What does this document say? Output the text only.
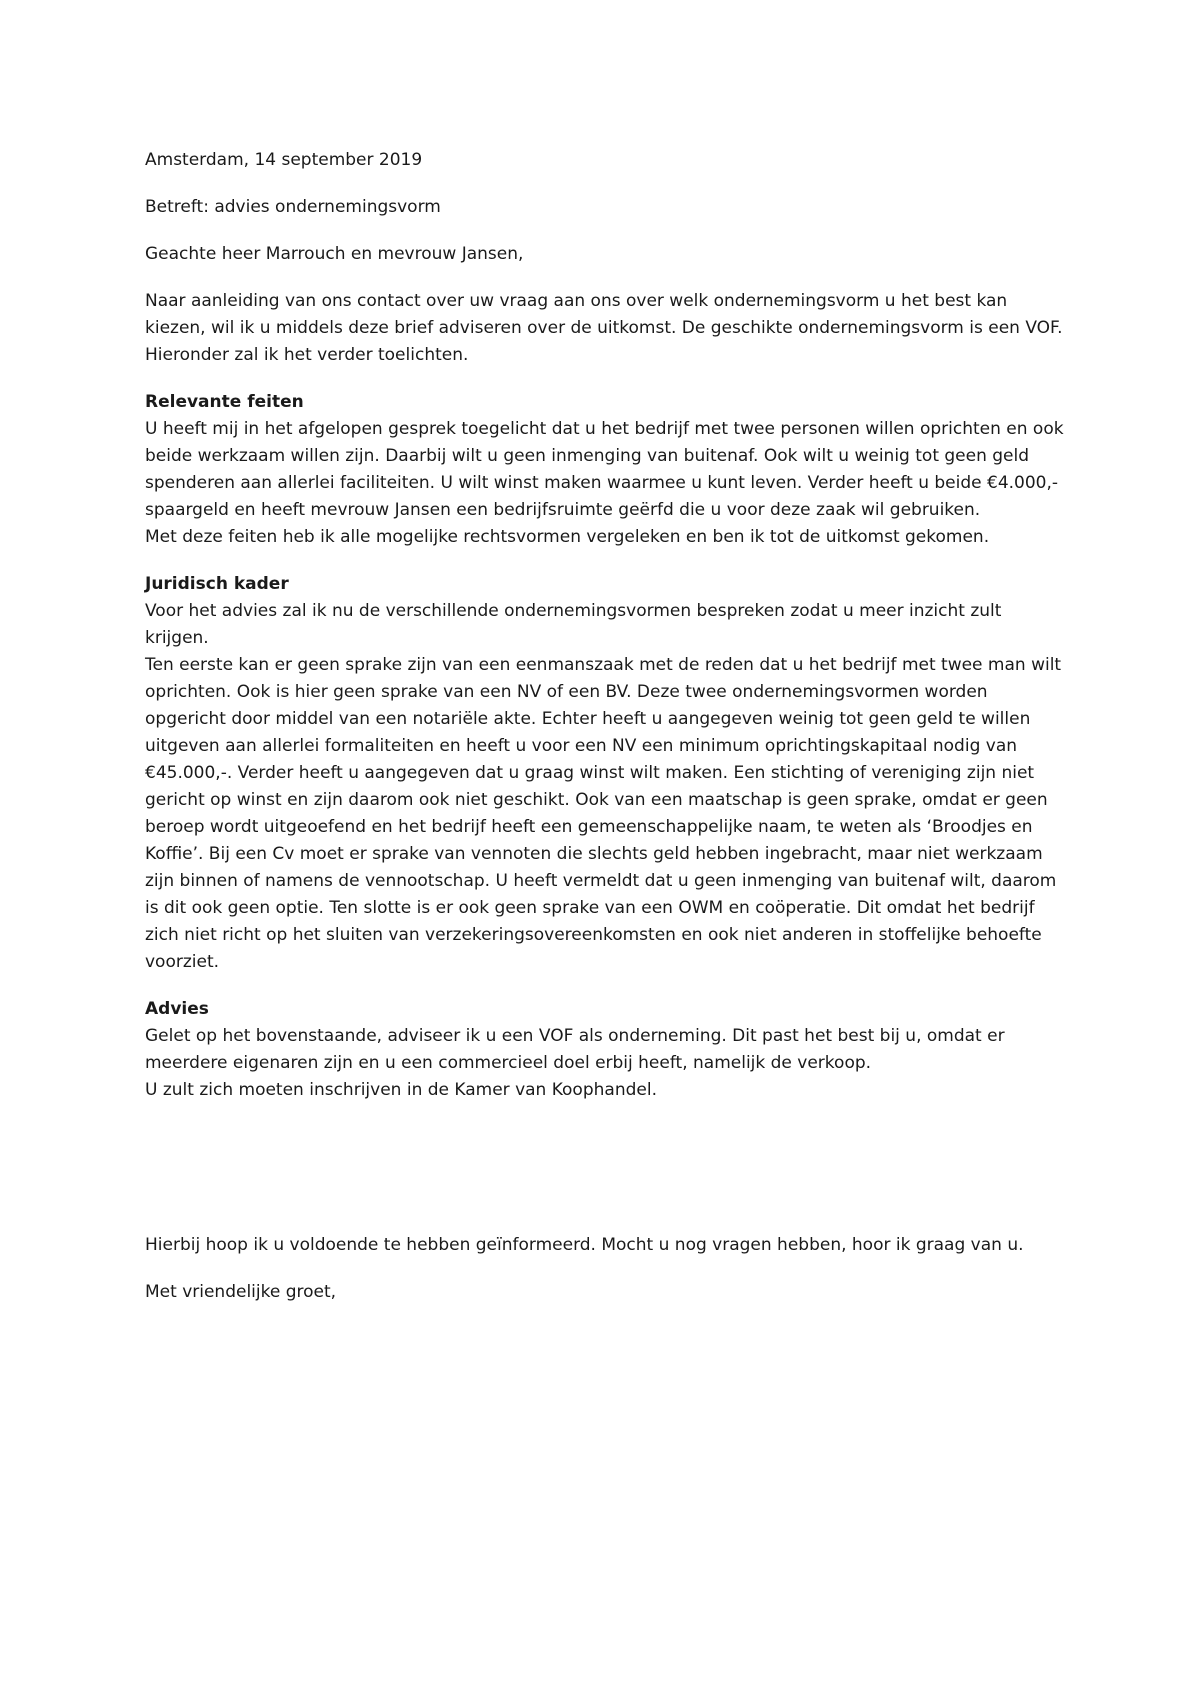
Amsterdam, 14 september 2019

Betreft: advies ondernemingsvorm

Geachte heer Marrouch en mevrouw Jansen,

Naar aanleiding van ons contact over uw vraag aan ons over welk ondernemingsvorm u het best kan kiezen, wil ik u middels deze brief adviseren over de uitkomst. De geschikte ondernemingsvorm is een VOF. Hieronder zal ik het verder toelichten.

Relevante feiten
U heeft mij in het afgelopen gesprek toegelicht dat u het bedrijf met twee personen willen oprichten en ook beide werkzaam willen zijn. Daarbij wilt u geen inmenging van buitenaf. Ook wilt u weinig tot geen geld spenderen aan allerlei faciliteiten. U wilt winst maken waarmee u kunt leven. Verder heeft u beide €4.000,- spaargeld en heeft mevrouw Jansen een bedrijfsruimte geërfd die u voor deze zaak wil gebruiken.
Met deze feiten heb ik alle mogelijke rechtsvormen vergeleken en ben ik tot de uitkomst gekomen.
Juridisch kader
Voor het advies zal ik nu de verschillende ondernemingsvormen bespreken zodat u meer inzicht zult krijgen.
Ten eerste kan er geen sprake zijn van een eenmanszaak met de reden dat u het bedrijf met twee man wilt oprichten. Ook is hier geen sprake van een NV of een BV. Deze twee ondernemingsvormen worden opgericht door middel van een notariële akte. Echter heeft u aangegeven weinig tot geen geld te willen uitgeven aan allerlei formaliteiten en heeft u voor een NV een minimum oprichtingskapitaal nodig van €45.000,-. Verder heeft u aangegeven dat u graag winst wilt maken. Een stichting of vereniging zijn niet gericht op winst en zijn daarom ook niet geschikt. Ook van een maatschap is geen sprake, omdat er geen beroep wordt uitgeoefend en het bedrijf heeft een gemeenschappelijke naam, te weten als ‘Broodjes en Koffie’. Bij een Cv moet er sprake van vennoten die slechts geld hebben ingebracht, maar niet werkzaam zijn binnen of namens de vennootschap. U heeft vermeldt dat u geen inmenging van buitenaf wilt, daarom is dit ook geen optie. Ten slotte is er ook geen sprake van een OWM en coöperatie. Dit omdat het bedrijf zich niet richt op het sluiten van verzekeringsovereenkomsten en ook niet anderen in stoffelijke behoefte voorziet.
Advies
Gelet op het bovenstaande, adviseer ik u een VOF als onderneming. Dit past het best bij u, omdat er meerdere eigenaren zijn en u een commercieel doel erbij heeft, namelijk de verkoop.
U zult zich moeten inschrijven in de Kamer van Koophandel.

Hierbij hoop ik u voldoende te hebben geïnformeerd. Mocht u nog vragen hebben, hoor ik graag van u.

Met vriendelijke groet,
